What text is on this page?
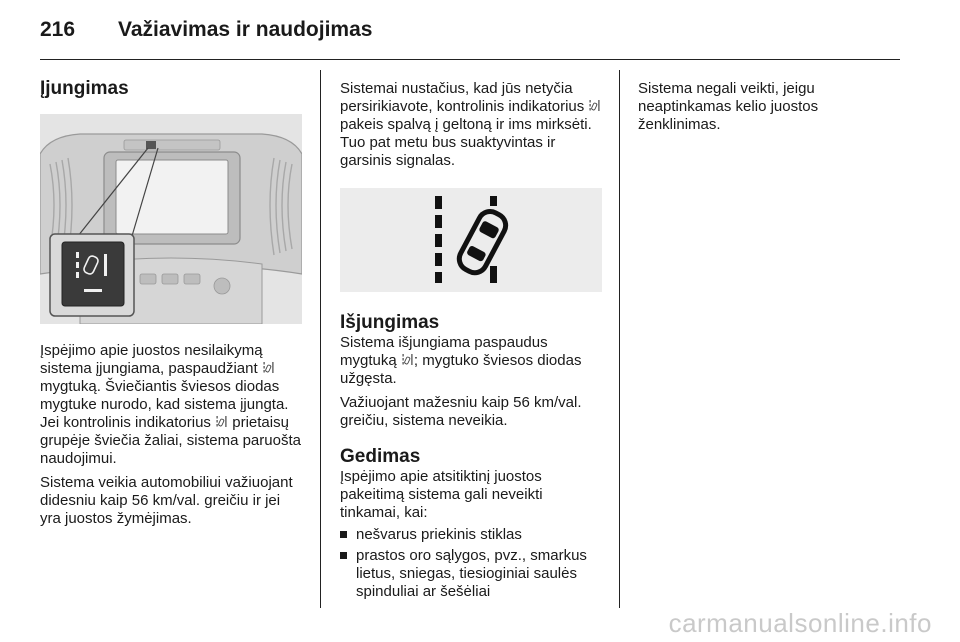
216 Važiavimas ir naudojimas
Įjungimas

Įspėjimo apie juostos nesilaikymą sistema įjungiama, paspaudžiant  mygtuką. Šviečiantis šviesos diodas mygtuke nurodo, kad sistema įjungta. Jei kontrolinis indikatorius  prietaisų grupėje šviečia žaliai, sistema paruošta naudojimui.

Sistema veikia automobiliui važiuojant didesniu kaip 56 km/val. greičiu ir jei yra juostos žymėjimas.

Sistemai nustačius, kad jūs netyčia persirikiavote, kontrolinis indikatorius  pakeis spalvą į geltoną ir ims mirksėti. Tuo pat metu bus suaktyvintas ir garsinis signalas.

Išjungimas

Sistema išjungiama paspaudus mygtuką ; mygtuko šviesos diodas užgęsta.

Važiuojant mažesniu kaip 56 km/val. greičiu, sistema neveikia.

Gedimas

Įspėjimo apie atsitiktinį juostos pakeitimą sistema gali neveikti tinkamai, kai:

nešvarus priekinis stiklas
prastos oro sąlygos, pvz., smarkus lietus, sniegas, tiesioginiai saulės spinduliai ar šešėliai

Sistema negali veikti, jeigu neaptinkamas kelio juostos ženklinimas.

carmanualsonline.info
